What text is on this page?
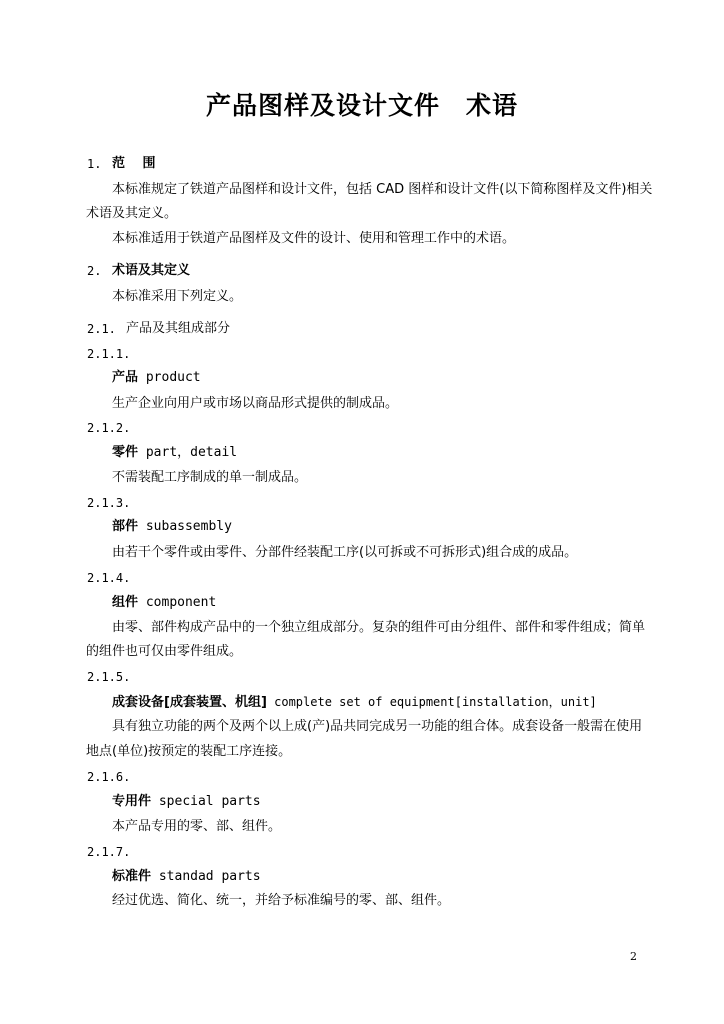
产品图样及设计文件　术语
1. 范　 围
本标准规定了铁道产品图样和设计文件，包括 CAD 图样和设计文件(以下简称图样及文件)相关
术语及其定义。
本标准适用于铁道产品图样及文件的设计、使用和管理工作中的术语。
2. 术语及其定义
本标准采用下列定义。
2.1. 产品及其组成部分
2.1.1.
产品 product
生产企业向用户或市场以商品形式提供的制成品。
2.1.2.
零件 part，detail
不需装配工序制成的单一制成品。
2.1.3.
部件 subassembly
由若干个零件或由零件、分部件经装配工序(以可拆或不可拆形式)组合成的成品。
2.1.4.
组件 component
由零、部件构成产品中的一个独立组成部分。复杂的组件可由分组件、部件和零件组成；简单
的组件也可仅由零件组成。
2.1.5.
成套设备[成套装置、机组] complete set of equipment[installation，unit]
具有独立功能的两个及两个以上成(产)品共同完成另一功能的组合体。成套设备一般需在使用
地点(单位)按预定的装配工序连接。
2.1.6.
专用件 special parts
本产品专用的零、部、组件。
2.1.7.
标准件 standad parts
经过优选、简化、统一，并给予标准编号的零、部、组件。
2
